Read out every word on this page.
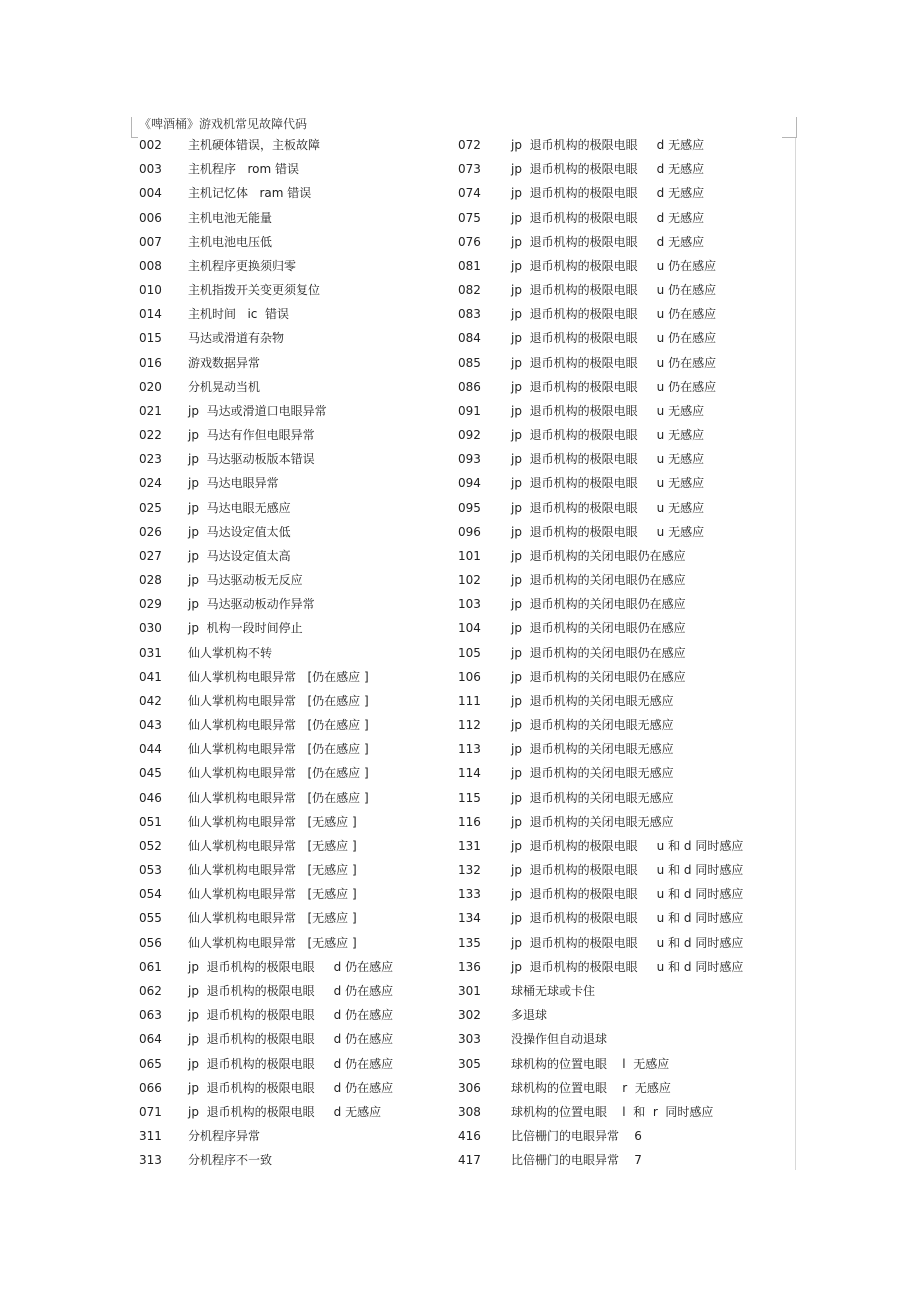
《啤酒桶》游戏机常见故障代码
002	主机硬体错误，主板故障
003	主机程序   rom 错误
004	主机记忆体   ram 错误
006	主机电池无能量
007	主机电池电压低
008	主机程序更换须归零
010	主机指拨开关变更须复位
014	主机时间   ic  错误
015	马达或滑道有杂物
016	游戏数据异常
020	分机晃动当机
021	jp  马达或滑道口电眼异常
022	jp  马达有作但电眼异常
023	jp  马达驱动板版本错误
024	jp  马达电眼异常
025	jp  马达电眼无感应
026	jp  马达设定值太低
027	jp  马达设定值太高
028	jp  马达驱动板无反应
029	jp  马达驱动板动作异常
030	jp  机构一段时间停止
031	仙人掌机构不转
041	仙人掌机构电眼异常   [仍在感应 ]
042	仙人掌机构电眼异常   [仍在感应 ]
043	仙人掌机构电眼异常   [仍在感应 ]
044	仙人掌机构电眼异常   [仍在感应 ]
045	仙人掌机构电眼异常   [仍在感应 ]
046	仙人掌机构电眼异常   [仍在感应 ]
051	仙人掌机构电眼异常   [无感应 ]
052	仙人掌机构电眼异常   [无感应 ]
053	仙人掌机构电眼异常   [无感应 ]
054	仙人掌机构电眼异常   [无感应 ]
055	仙人掌机构电眼异常   [无感应 ]
056	仙人掌机构电眼异常   [无感应 ]
061	jp  退币机构的极限电眼     d 仍在感应
062	jp  退币机构的极限电眼     d 仍在感应
063	jp  退币机构的极限电眼     d 仍在感应
064	jp  退币机构的极限电眼     d 仍在感应
065	jp  退币机构的极限电眼     d 仍在感应
066	jp  退币机构的极限电眼     d 仍在感应
071	jp  退币机构的极限电眼     d 无感应
311	分机程序异常
313	分机程序不一致
072	jp  退币机构的极限电眼     d 无感应
073	jp  退币机构的极限电眼     d 无感应
074	jp  退币机构的极限电眼     d 无感应
075	jp  退币机构的极限电眼     d 无感应
076	jp  退币机构的极限电眼     d 无感应
081	jp  退币机构的极限电眼     u 仍在感应
082	jp  退币机构的极限电眼     u 仍在感应
083	jp  退币机构的极限电眼     u 仍在感应
084	jp  退币机构的极限电眼     u 仍在感应
085	jp  退币机构的极限电眼     u 仍在感应
086	jp  退币机构的极限电眼     u 仍在感应
091	jp  退币机构的极限电眼     u 无感应
092	jp  退币机构的极限电眼     u 无感应
093	jp  退币机构的极限电眼     u 无感应
094	jp  退币机构的极限电眼     u 无感应
095	jp  退币机构的极限电眼     u 无感应
096	jp  退币机构的极限电眼     u 无感应
101	jp  退币机构的关闭电眼仍在感应
102	jp  退币机构的关闭电眼仍在感应
103	jp  退币机构的关闭电眼仍在感应
104	jp  退币机构的关闭电眼仍在感应
105	jp  退币机构的关闭电眼仍在感应
106	jp  退币机构的关闭电眼仍在感应
111	jp  退币机构的关闭电眼无感应
112	jp  退币机构的关闭电眼无感应
113	jp  退币机构的关闭电眼无感应
114	jp  退币机构的关闭电眼无感应
115	jp  退币机构的关闭电眼无感应
116	jp  退币机构的关闭电眼无感应
131	jp  退币机构的极限电眼     u 和 d 同时感应
132	jp  退币机构的极限电眼     u 和 d 同时感应
133	jp  退币机构的极限电眼     u 和 d 同时感应
134	jp  退币机构的极限电眼     u 和 d 同时感应
135	jp  退币机构的极限电眼     u 和 d 同时感应
136	jp  退币机构的极限电眼     u 和 d 同时感应
301	球桶无球或卡住
302	多退球
303	没操作但自动退球
305	球机构的位置电眼    l  无感应
306	球机构的位置电眼    r  无感应
308	球机构的位置电眼    l  和  r  同时感应
416	比倍栅门的电眼异常    6
417	比倍栅门的电眼异常    7
